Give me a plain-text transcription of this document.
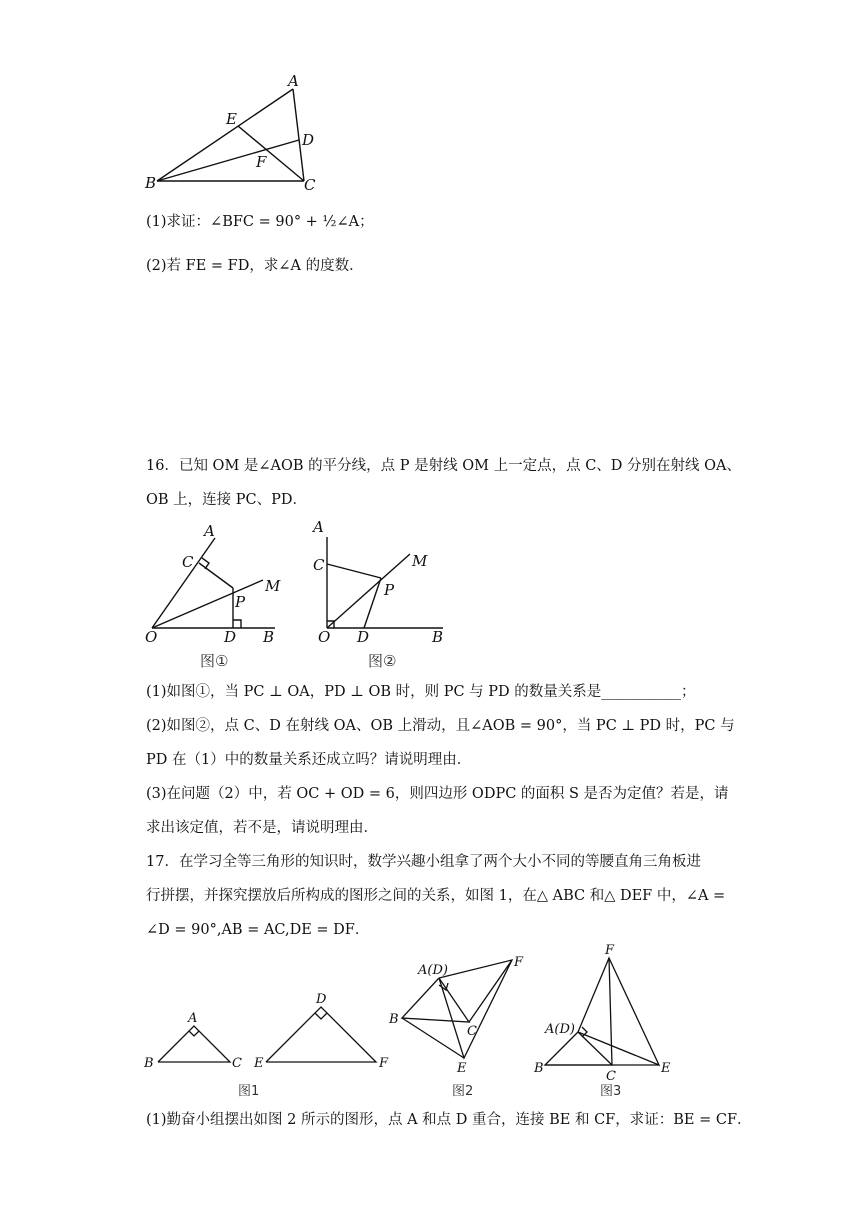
A
E
D
F
B	C
(1)求证：∠BFC = 90° + ½∠A；
(2)若 FE = FD，求∠A 的度数．
16．已知 OM 是∠AOB 的平分线，点 P 是射线 OM 上一定点，点 C、D 分别在射线 OA、
OB 上，连接 PC、PD．
A
C
M
P
O	D B
图①
A
C	M
P
O D	B
图②
(1)如图①，当 PC ⊥ OA，PD ⊥ OB 时，则 PC 与 PD 的数量关系是___________；
(2)如图②，点 C、D 在射线 OA、OB 上滑动，且∠AOB = 90°，当 PC ⊥ PD 时，PC 与
PD 在（1）中的数量关系还成立吗？请说明理由．
(3)在问题（2）中，若 OC + OD = 6，则四边形 ODPC 的面积 S 是否为定值？若是，请
求出该定值，若不是，请说明理由．
17．在学习全等三角形的知识时，数学兴趣小组拿了两个大小不同的等腰直角三角板进
行拼摆，并探究摆放后所构成的图形之间的关系，如图 1，在△ ABC 和△ DEF 中，∠A =
∠D = 90°,AB = AC,DE = DF．
A
B	C
D
E	F
A(D)
F
B
C
E
F
A(D)
B
C
E
图1	图2	图3
(1)勤奋小组摆出如图 2 所示的图形，点 A 和点 D 重合，连接 BE 和 CF，求证：BE = CF．
